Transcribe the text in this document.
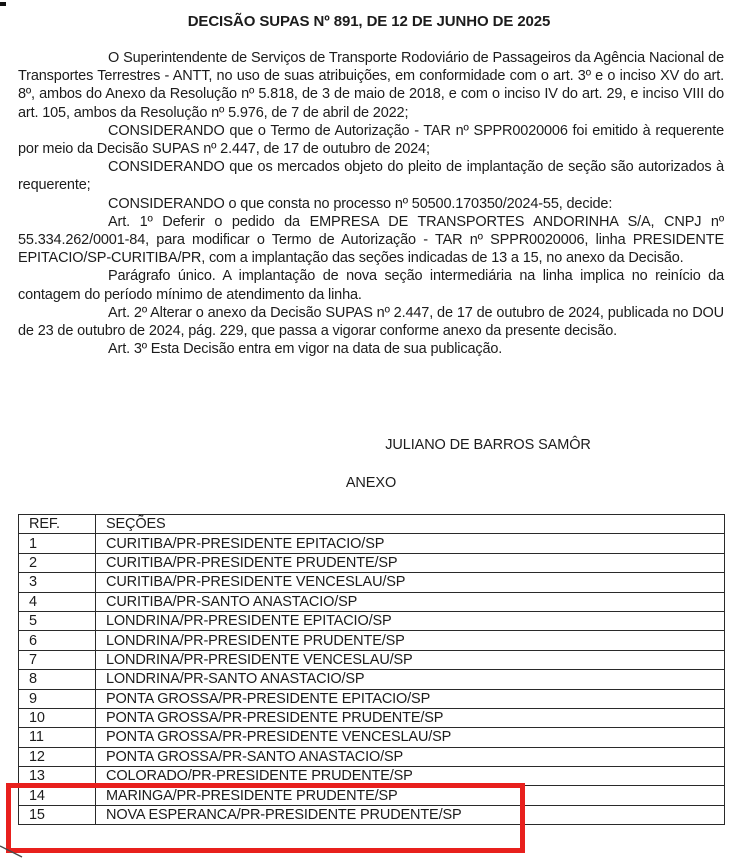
DECISÃO SUPAS Nº 891, DE 12 DE JUNHO DE 2025

O Superintendente de Serviços de Transporte Rodoviário de Passageiros da Agência Nacional de Transportes Terrestres - ANTT, no uso de suas atribuições, em conformidade com o art. 3º e o inciso XV do art. 8º, ambos do Anexo da Resolução nº 5.818, de 3 de maio de 2018, e com o inciso IV do art. 29, e inciso VIII do art. 105, ambos da Resolução nº 5.976, de 7 de abril de 2022;

CONSIDERANDO que o Termo de Autorização - TAR nº SPPR0020006 foi emitido à requerente por meio da Decisão SUPAS nº 2.447, de 17 de outubro de 2024;

CONSIDERANDO que os mercados objeto do pleito de implantação de seção são autorizados à requerente;

CONSIDERANDO o que consta no processo nº 50500.170350/2024-55, decide:

Art. 1º Deferir o pedido da EMPRESA DE TRANSPORTES ANDORINHA S/A, CNPJ nº 55.334.262/0001-84, para modificar o Termo de Autorização - TAR nº SPPR0020006, linha PRESIDENTE EPITACIO/SP-CURITIBA/PR, com a implantação das seções indicadas de 13 a 15, no anexo da Decisão.

Parágrafo único. A implantação de nova seção intermediária na linha implica no reinício da contagem do período mínimo de atendimento da linha.

Art. 2º Alterar o anexo da Decisão SUPAS nº 2.447, de 17 de outubro de 2024, publicada no DOU de 23 de outubro de 2024, pág. 229, que passa a vigorar conforme anexo da presente decisão.

Art. 3º Esta Decisão entra em vigor na data de sua publicação.

JULIANO DE BARROS SAMÔR
ANEXO
REF.	SEÇÕES
1	CURITIBA/PR-PRESIDENTE EPITACIO/SP
2	CURITIBA/PR-PRESIDENTE PRUDENTE/SP
3	CURITIBA/PR-PRESIDENTE VENCESLAU/SP
4	CURITIBA/PR-SANTO ANASTACIO/SP
5	LONDRINA/PR-PRESIDENTE EPITACIO/SP
6	LONDRINA/PR-PRESIDENTE PRUDENTE/SP
7	LONDRINA/PR-PRESIDENTE VENCESLAU/SP
8	LONDRINA/PR-SANTO ANASTACIO/SP
9	PONTA GROSSA/PR-PRESIDENTE EPITACIO/SP
10	PONTA GROSSA/PR-PRESIDENTE PRUDENTE/SP
11	PONTA GROSSA/PR-PRESIDENTE VENCESLAU/SP
12	PONTA GROSSA/PR-SANTO ANASTACIO/SP
13	COLORADO/PR-PRESIDENTE PRUDENTE/SP
14	MARINGA/PR-PRESIDENTE PRUDENTE/SP
15	NOVA ESPERANCA/PR-PRESIDENTE PRUDENTE/SP
